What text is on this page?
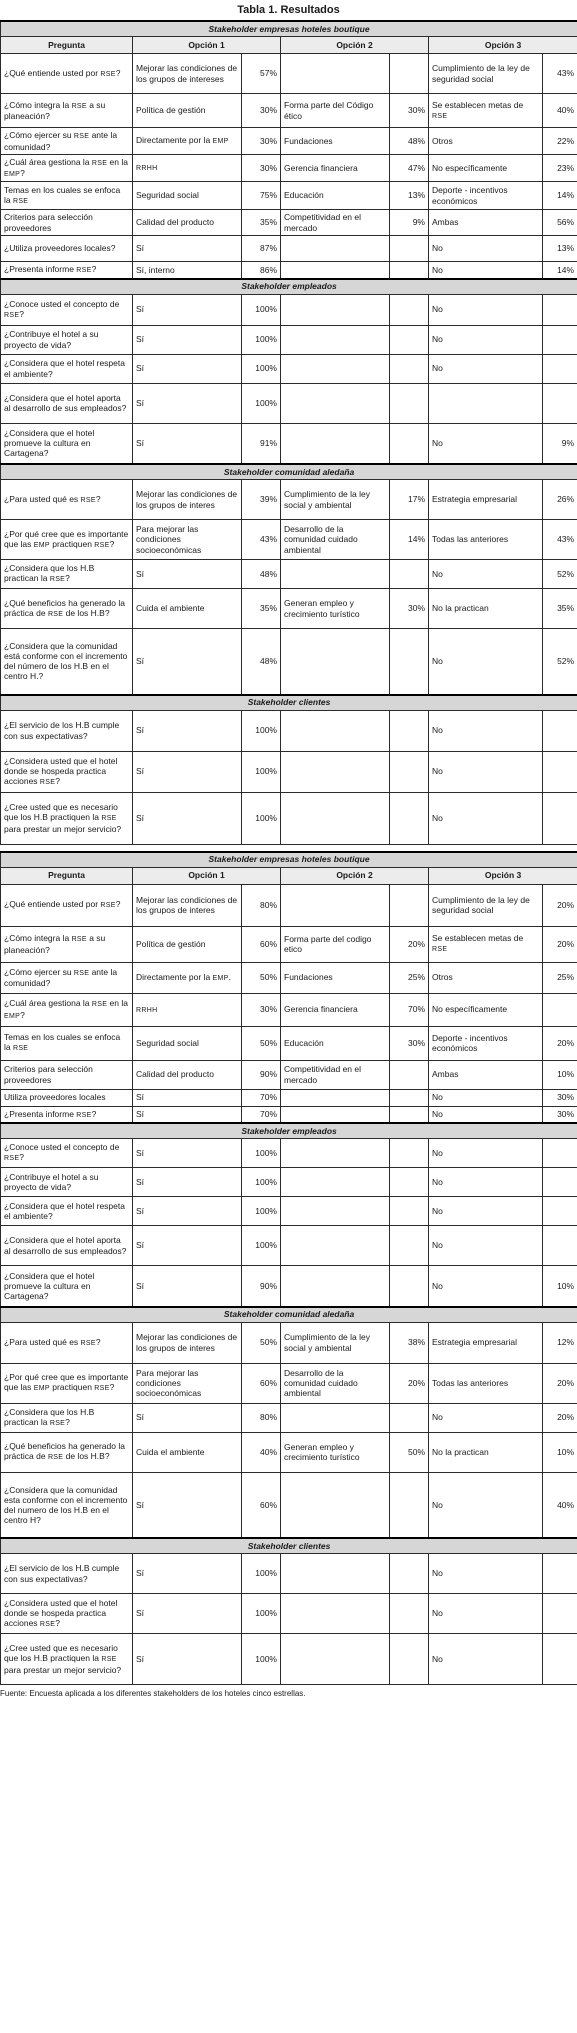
Tabla 1. Resultados
Stakeholder empresas hoteles boutique						
Pregunta	Opción 1		Opción 2		Opción 3	
¿Qué entiende usted por RSE?	Mejorar las condiciones de los grupos de intereses	57%			Cumplimiento de la ley de seguridad social	43%
¿Cómo integra la RSE a su planeación?	Política de gestión	30%	Forma parte del Código ético	30%	Se establecen metas de RSE	40%
¿Cómo ejercer su RSE ante la comunidad?	Directamente por la EMP	30%	Fundaciones	48%	Otros	22%
¿Cuál área gestiona la RSE en la EMP?	RRHH	30%	Gerencia financiera	47%	No específicamente	23%
Temas en los cuales se enfoca la RSE	Seguridad social	75%	Educación	13%	Deporte - incentivos económicos	14%
Criterios para selección proveedores	Calidad del producto	35%	Competitividad en el mercado	9%	Ambas	56%
¿Utiliza proveedores locales?	Sí	87%			No	13%
¿Presenta informe RSE?	Sí, interno	86%			No	14%
Stakeholder empleados						
¿Conoce usted el concepto de RSE?	Sí	100%			No	
¿Contribuye el hotel a su proyecto de vida?	Sí	100%			No	
¿Considera que el hotel respeta el ambiente?	Sí	100%			No	
¿Considera que el hotel aporta al desarrollo de sus empleados?	Sí	100%				
¿Considera que el hotel promueve la cultura en Cartagena?	Sí	91%			No	9%
Stakeholder comunidad aledaña						
¿Para usted qué es RSE?	Mejorar las condiciones de los grupos de interes	39%	Cumplimiento de la ley social y ambiental	17%	Estrategia empresarial	26%
¿Por qué cree que es importante que las EMP practiquen RSE?	Para mejorar las condiciones socioeconómicas	43%	Desarrollo de la comunidad cuidado ambiental	14%	Todas las anteriores	43%
¿Considera que los H.B practican la RSE?	Sí	48%			No	52%
¿Qué beneficios ha generado la práctica de RSE de los H.B?	Cuida el ambiente	35%	Generan empleo y crecimiento turístico	30%	No la practican	35%
¿Considera que la comunidad está conforme con el incremento del número de los H.B en el centro H.?	Sí	48%			No	52%
Stakeholder clientes						
¿El servicio de los H.B cumple con sus expectativas?	Sí	100%			No	
¿Considera usted que el hotel donde se hospeda practica acciones RSE?	Sí	100%			No	
¿Cree usted que es necesario que los H.B practiquen la RSE para prestar un mejor servicio?	Sí	100%			No	
Stakeholder empresas hoteles boutique						
Pregunta	Opción 1		Opción 2		Opción 3	
¿Qué entiende usted por RSE?	Mejorar las condiciones de los grupos de interes	80%			Cumplimiento de la ley de seguridad social	20%
¿Cómo integra la RSE a su planeación?	Política de gestión	60%	Forma parte del codigo etico	20%	Se establecen metas de RSE	20%
¿Cómo ejercer su RSE ante la comunidad?	Directamente por la EMP.	50%	Fundaciones	25%	Otros	25%
¿Cuál área gestiona la RSE en la EMP?	RRHH	30%	Gerencia financiera	70%	No específicamente	
Temas en los cuales se enfoca la RSE	Seguridad social	50%	Educación	30%	Deporte - incentivos económicos	20%
Criterios para selección proveedores	Calidad del producto	90%	Competitividad en el mercado		Ambas	10%
Utiliza proveedores locales	Sí	70%			No	30%
¿Presenta informe RSE?	Sí	70%			No	30%
Stakeholder empleados						
¿Conoce usted el concepto de RSE?	Sí	100%			No	
¿Contribuye el hotel a su proyecto de vida?	Sí	100%			No	
¿Considera que el hotel respeta el ambiente?	Sí	100%			No	
¿Considera que el hotel aporta al desarrollo de sus empleados?	Sí	100%			No	
¿Considera que el hotel promueve la cultura en Cartagena?	Sí	90%			No	10%
Stakeholder comunidad aledaña						
¿Para usted qué es RSE?	Mejorar las condiciones de los grupos de interes	50%	Cumplimiento de la ley social y ambiental	38%	Estrategia empresarial	12%
¿Por qué cree que es importante que las EMP practiquen RSE?	Para mejorar las condiciones socioeconómicas	60%	Desarrollo de la comunidad cuidado ambiental	20%	Todas las anteriores	20%
¿Considera que los H.B practican la RSE?	Sí	80%			No	20%
¿Qué beneficios ha generado la práctica de RSE de los H.B?	Cuida el ambiente	40%	Generan empleo y crecimiento turístico	50%	No la practican	10%
¿Considera que la comunidad esta conforme con el incremento del numero de los H.B en el centro H?	Sí	60%			No	40%
Stakeholder clientes						
¿El servicio de los H.B cumple con sus expectativas?	Sí	100%			No	
¿Considera usted que el hotel donde se hospeda practica acciones RSE?	Sí	100%			No	
¿Cree usted que es necesario que los H.B practiquen la RSE para prestar un mejor servicio?	Sí	100%			No	
Fuente: Encuesta aplicada a los diferentes stakeholders de los hoteles cinco estrellas.
